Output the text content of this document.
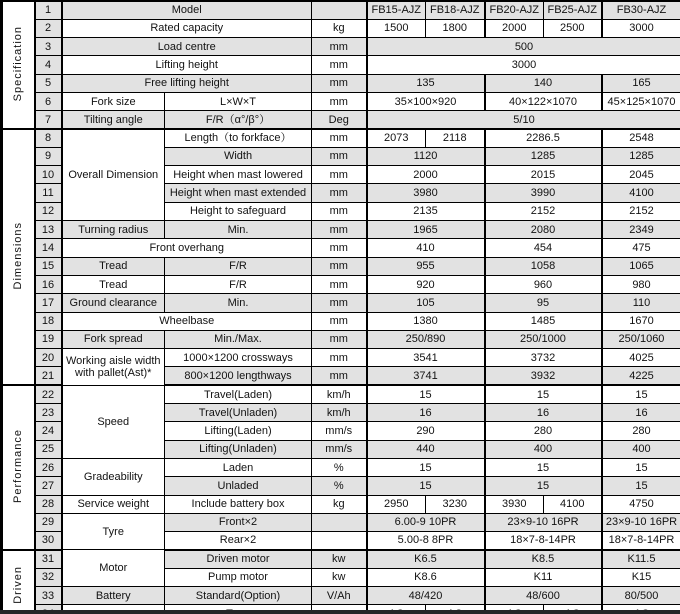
Specification	1	Model			FB15-AJZ	FB18-AJZ	FB20-AJZ	FB25-AJZ	FB30-AJZ
	2	Rated capacity		kg	1500	1800	2000	2500	3000
	3	Load centre		mm	500				
	4	Lifting height		mm	3000				
	5	Free lifting height		mm	135		140		165
	6	Fork size	L×W×T	mm	35×100×920		40×122×1070		45×125×1070
	7	Tilting angle	F/R（α°/β°）	Deg	5/10				
Dimensions	8	Overall Dimension	Length（to forkface）	mm	2073	2118	2286.5		2548
	9		Width	mm	1120		1285		1285
	10		Height when mast lowered	mm	2000		2015		2045
	11		Height when mast extended	mm	3980		3990		4100
	12		Height to safeguard	mm	2135		2152		2152
	13	Turning radius	Min.	mm	1965		2080		2349
	14	Front overhang		mm	410		454		475
	15	Tread	F/R	mm	955		1058		1065
	16	Tread	F/R	mm	920		960		980
	17	Ground clearance	Min.	mm	105		95		110
	18	Wheelbase		mm	1380		1485		1670
	19	Fork spread	Min./Max.	mm	250/890		250/1000		250/1060
	20	Working aisle width with pallet(Ast)*	1000×1200 crossways	mm	3541		3732		4025
	21		800×1200 lengthways	mm	3741		3932		4225
Performance	22	Speed	Travel(Laden)	km/h	15		15		15
	23		Travel(Unladen)	km/h	16		16		16
	24		Lifting(Laden)	mm/s	290		280		280
	25		Lifting(Unladen)	mm/s	440		400		400
	26	Gradeability	Laden	%	15		15		15
	27		Unladed	%	15		15		15
	28	Service weight	Include battery box	kg	2950	3230	3930	4100	4750
	29	Tyre	Front×2		6.00-9 10PR		23×9-10 16PR		23×9-10 16PR
	30		Rear×2		5.00-8 8PR		18×7-8-14PR		18×7-8-14PR
Driven	31	Motor	Driven motor	kw	K6.5		K8.5		K11.5
	32		Pump motor	kw	K8.6		K11		K15
	33	Battery	Standard(Option)	V/Ah	48/420		48/600		80/500
